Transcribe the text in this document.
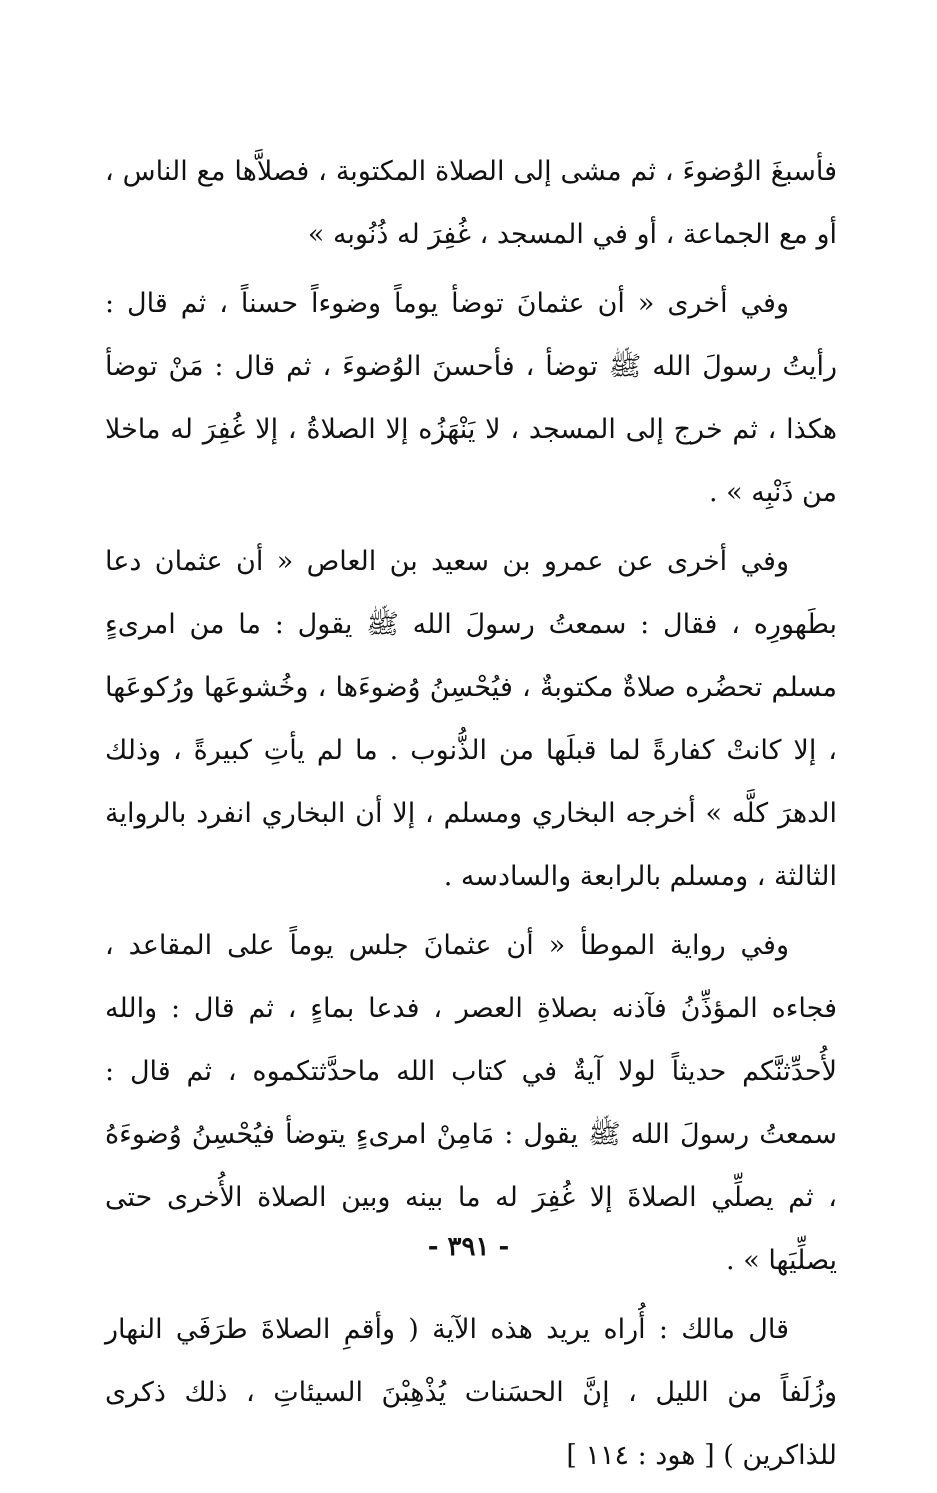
فأسبغَ الوُضوءَ ، ثم مشى إلى الصلاة المكتوبة ، فصلاَّها مع الناس ، أو مع الجماعة ، أو في المسجد ، غُفِرَ له ذُنُوبه »

وفي أخرى « أن عثمانَ توضأ يوماً وضوءاً حسناً ، ثم قال : رأيتُ رسولَ الله ﷺ توضأ ، فأحسنَ الوُضوءَ ، ثم قال : مَنْ توضأ هكذا ، ثم خرج إلى المسجد ، لا يَنْهَزُه إلا الصلاةُ ، إلا غُفِرَ له ماخلا من ذَنْبِه » .

وفي أخرى عن عمرو بن سعيد بن العاص « أن عثمان دعا بطَهورِه ، فقال : سمعتُ رسولَ الله ﷺ يقول : ما من امرىءٍ مسلم تحضُره صلاةٌ مكتوبةٌ ، فيُحْسِنُ وُضوءَها ، وخُشوعَها ورُكوعَها ، إلا كانتْ كفارةً لما قبلَها من الذُّنوب . ما لم يأتِ كبيرةً ، وذلك الدهرَ كلَّه » أخرجه البخاري ومسلم ، إلا أن البخاري انفرد بالرواية الثالثة ، ومسلم بالرابعة والسادسه .

وفي رواية الموطأ « أن عثمانَ جلس يوماً على المقاعد ، فجاءه المؤذِّنُ فآذنه بصلاةِ العصر ، فدعا بماءٍ ، ثم قال : والله لأُحدِّثنَّكم حديثاً لولا آيةٌ في كتاب الله ماحدَّثتكموه ، ثم قال : سمعتُ رسولَ الله ﷺ يقول : مَامِنْ امرىءٍ يتوضأ فيُحْسِنُ وُضوءَهُ ، ثم يصلِّي الصلاةَ إلا غُفِرَ له ما بينه وبين الصلاة الأُخرى حتى يصلِّيَها » .

قال مالك : أُراه يريد هذه الآية ( وأقمِ الصلاةَ طرَفَي النهار وزُلَفاً من الليل ، إنَّ الحسَنات يُذْهِبْنَ السيئاتِ ، ذلك ذكرى للذاكرين ) [ هود : ١١٤ ]

- ٣٩١ -
